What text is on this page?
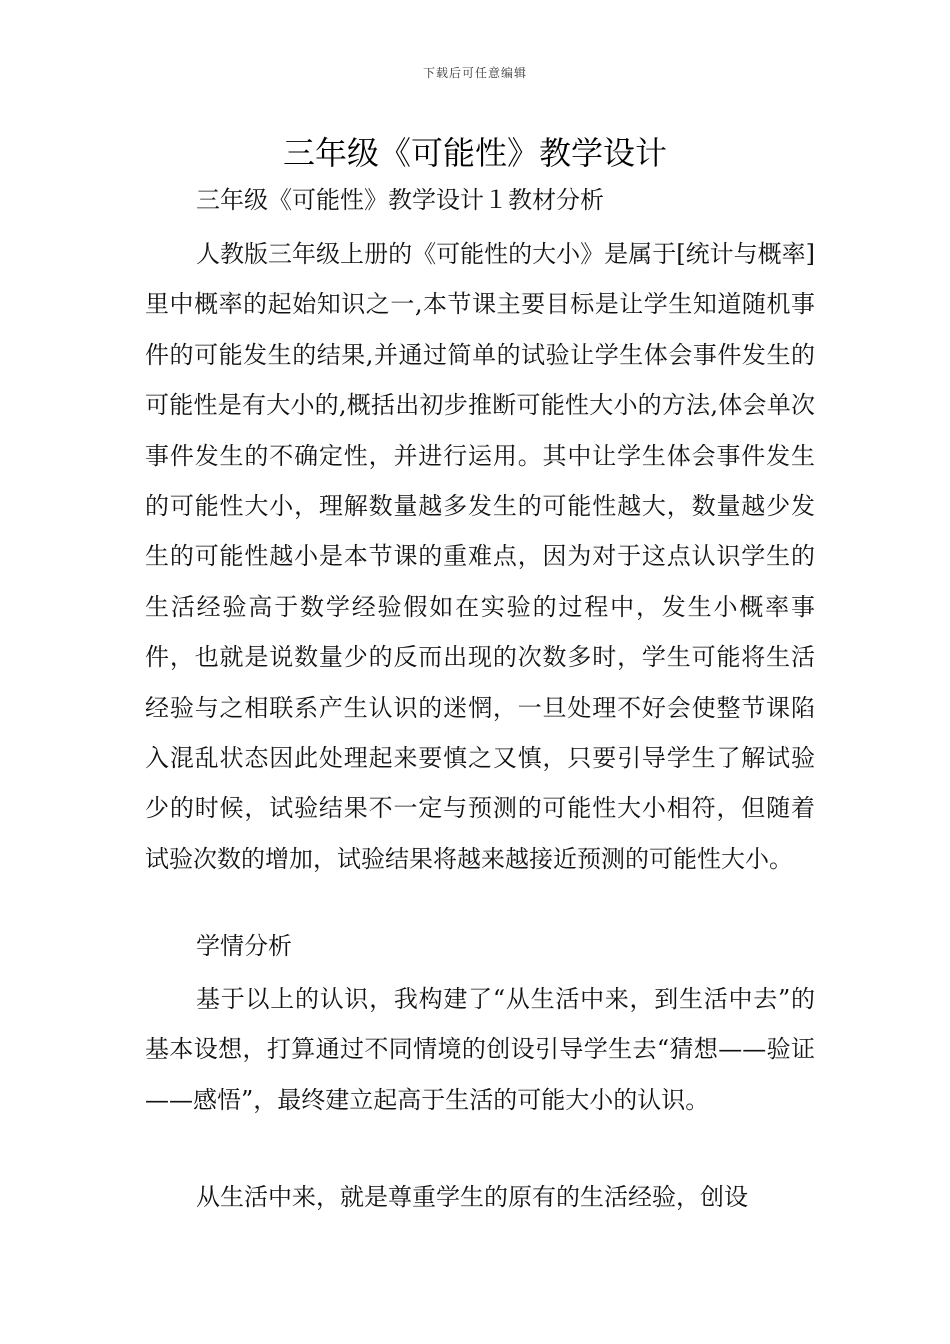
下载后可任意编辑
三年级《可能性》教学设计
三年级《可能性》教学设计１教材分析

人教版三年级上册的《可能性的大小》是属于[统计与概率]里中概率的起始知识之一,本节课主要目标是让学生知道随机事件的可能发生的结果,并通过简单的试验让学生体会事件发生的可能性是有大小的,概括出初步推断可能性大小的方法,体会单次事件发生的不确定性，并进行运用。其中让学生体会事件发生的可能性大小，理解数量越多发生的可能性越大，数量越少发生的可能性越小是本节课的重难点，因为对于这点认识学生的生活经验高于数学经验假如在实验的过程中，发生小概率事件，也就是说数量少的反而出现的次数多时，学生可能将生活经验与之相联系产生认识的迷惘，一旦处理不好会使整节课陷入混乱状态因此处理起来要慎之又慎，只要引导学生了解试验少的时候，试验结果不一定与预测的可能性大小相符，但随着试验次数的增加，试验结果将越来越接近预测的可能性大小。

学情分析

基于以上的认识，我构建了“从生活中来，到生活中去”的基本设想，打算通过不同情境的创设引导学生去“猜想——验证——感悟”，最终建立起高于生活的可能大小的认识。

从生活中来，就是尊重学生的原有的生活经验，创设
